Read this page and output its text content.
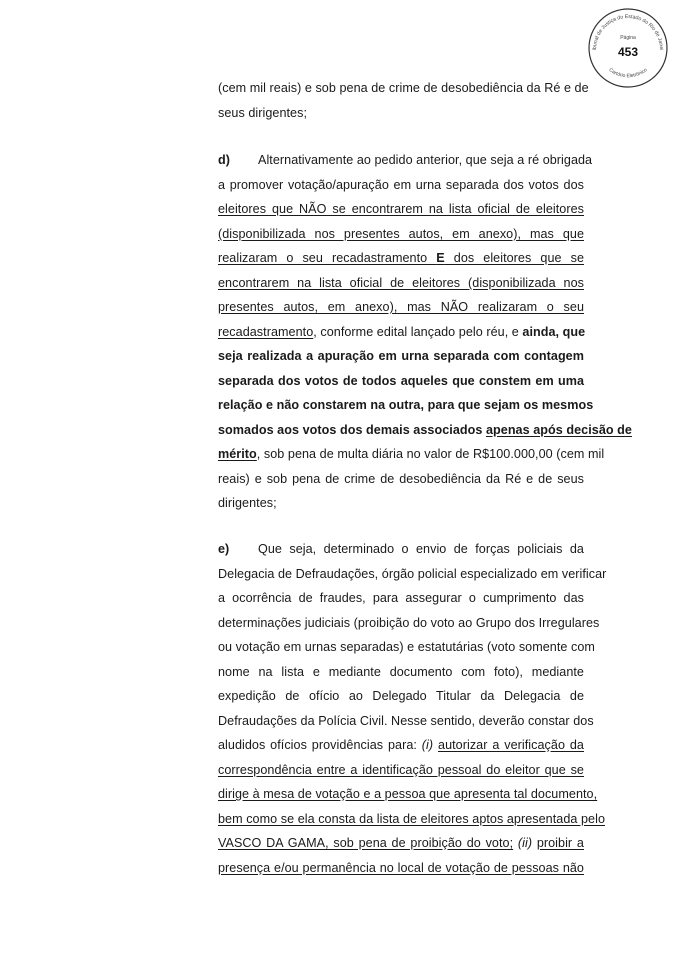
ibunal de Justiça do Estado do Rio de Janei
Página
453
Cartório Eletrônico
(cem mil reais) e sob pena de crime de desobediência da Ré e de
seus dirigentes;
d) Alternativamente ao pedido anterior, que seja a ré obrigada
a promover votação/apuração em urna separada dos votos dos
eleitores que NÃO se encontrarem na lista oficial de eleitores
(disponibilizada nos presentes autos, em anexo), mas que
realizaram o seu recadastramento E dos eleitores que se
encontrarem na lista oficial de eleitores (disponibilizada nos
presentes autos, em anexo), mas NÃO realizaram o seu
recadastramento, conforme edital lançado pelo réu, e ainda, que
seja realizada a apuração em urna separada com contagem
separada dos votos de todos aqueles que constem em uma
relação e não constarem na outra, para que sejam os mesmos
somados aos votos dos demais associados apenas após decisão de
mérito, sob pena de multa diária no valor de R$100.000,00 (cem mil
reais) e sob pena de crime de desobediência da Ré e de seus
dirigentes;
e) Que seja, determinado o envio de forças policiais da
Delegacia de Defraudações, órgão policial especializado em verificar
a ocorrência de fraudes, para assegurar o cumprimento das
determinações judiciais (proibição do voto ao Grupo dos Irregulares
ou votação em urnas separadas) e estatutárias (voto somente com
nome na lista e mediante documento com foto), mediante
expedição de ofício ao Delegado Titular da Delegacia de
Defraudações da Polícia Civil. Nesse sentido, deverão constar dos
aludidos ofícios providências para: (i) autorizar a verificação da
correspondência entre a identificação pessoal do eleitor que se
dirige à mesa de votação e a pessoa que apresenta tal documento,
bem como se ela consta da lista de eleitores aptos apresentada pelo
VASCO DA GAMA, sob pena de proibição do voto; (ii) proibir a
presença e/ou permanência no local de votação de pessoas não
